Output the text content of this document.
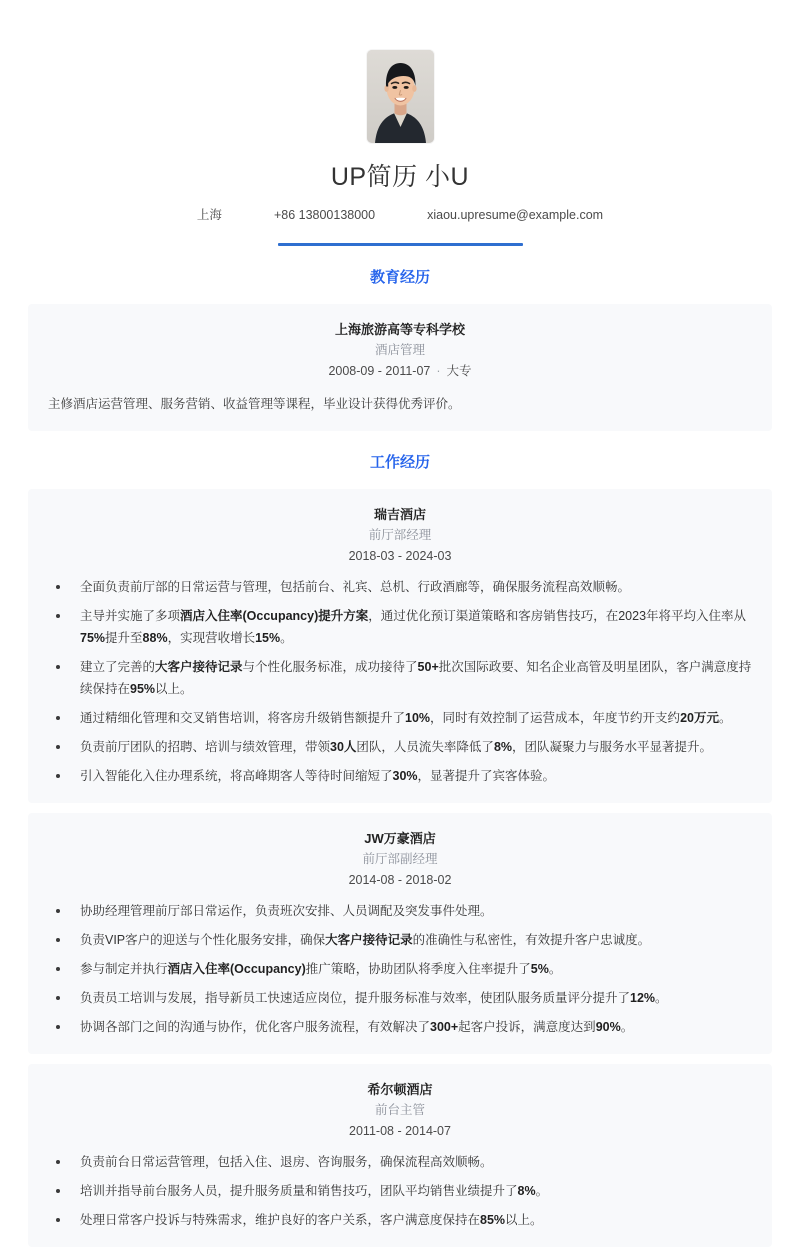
UP简历 小U
上海	+86 13800138000	xiaou.upresume@example.com
教育经历
上海旅游高等专科学校
酒店管理
2008-09 - 2011-07 · 大专
主修酒店运营管理、服务营销、收益管理等课程，毕业设计获得优秀评价。
工作经历
瑞吉酒店
前厅部经理
2018-03 - 2024-03
全面负责前厅部的日常运营与管理，包括前台、礼宾、总机、行政酒廊等，确保服务流程高效顺畅。
主导并实施了多项酒店入住率(Occupancy)提升方案，通过优化预订渠道策略和客房销售技巧，在2023年将平均入住率从75%提升至88%，实现营收增长15%。
建立了完善的大客户接待记录与个性化服务标准，成功接待了50+批次国际政要、知名企业高管及明星团队，客户满意度持续保持在95%以上。
通过精细化管理和交叉销售培训，将客房升级销售额提升了10%，同时有效控制了运营成本，年度节约开支约20万元。
负责前厅团队的招聘、培训与绩效管理，带领30人团队，人员流失率降低了8%，团队凝聚力与服务水平显著提升。
引入智能化入住办理系统，将高峰期客人等待时间缩短了30%，显著提升了宾客体验。
JW万豪酒店
前厅部副经理
2014-08 - 2018-02
协助经理管理前厅部日常运作，负责班次安排、人员调配及突发事件处理。
负责VIP客户的迎送与个性化服务安排，确保大客户接待记录的准确性与私密性，有效提升客户忠诚度。
参与制定并执行酒店入住率(Occupancy)推广策略，协助团队将季度入住率提升了5%。
负责员工培训与发展，指导新员工快速适应岗位，提升服务标准与效率，使团队服务质量评分提升了12%。
协调各部门之间的沟通与协作，优化客户服务流程，有效解决了300+起客户投诉，满意度达到90%。
希尔顿酒店
前台主管
2011-08 - 2014-07
负责前台日常运营管理，包括入住、退房、咨询服务，确保流程高效顺畅。
培训并指导前台服务人员，提升服务质量和销售技巧，团队平均销售业绩提升了8%。
处理日常客户投诉与特殊需求，维护良好的客户关系，客户满意度保持在85%以上。
